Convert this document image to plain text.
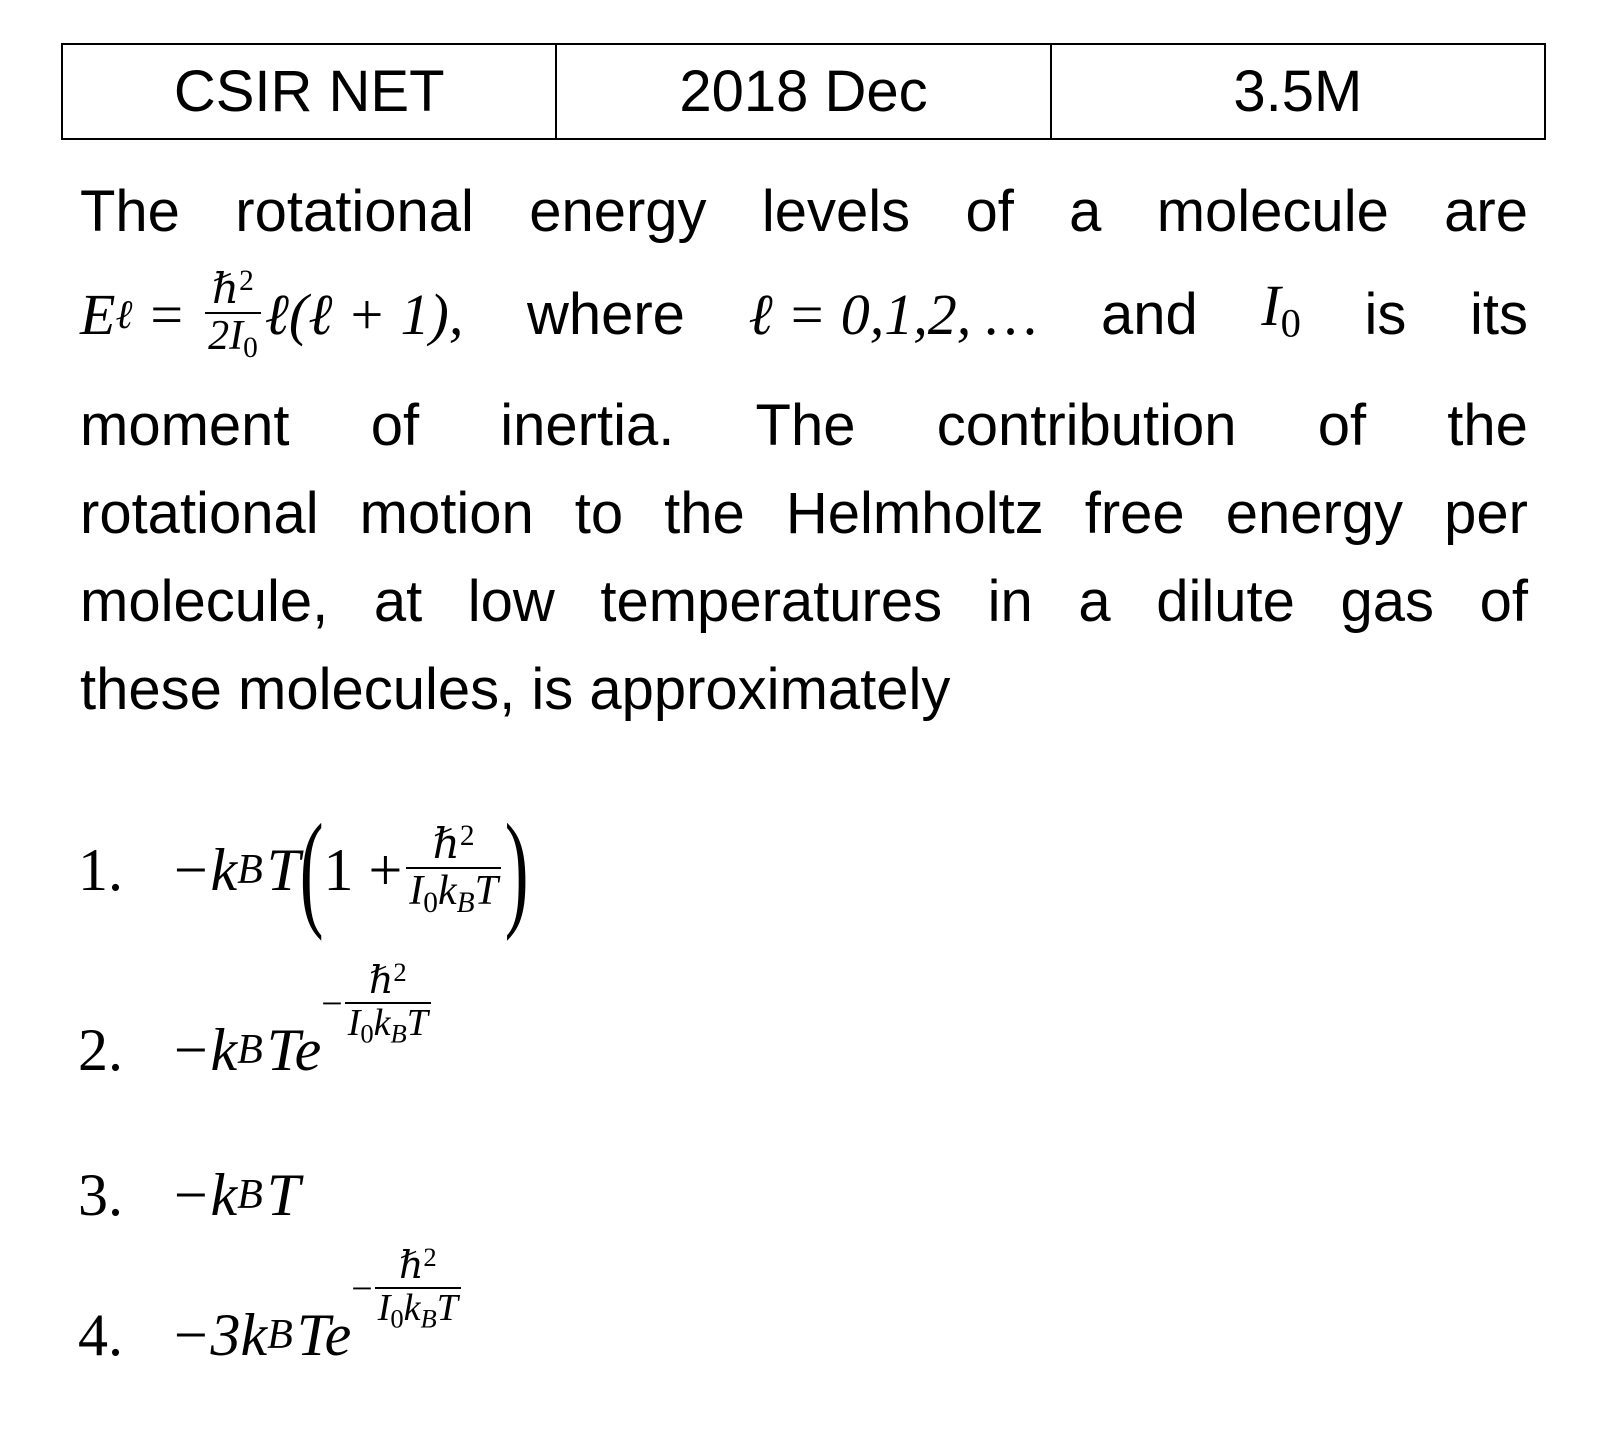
CSIR NET	2018 Dec	3.5M
The rotational energy levels of a molecule are
E ℓ = $\frac{\hbar^2}{2I_0}$ ℓ(ℓ + 1), where ℓ = 0,1,2, … and $I_0$ is its
moment of inertia. The contribution of the
rotational motion to the Helmholtz free energy per
molecule, at low temperatures in a dilute gas of
these molecules, is approximately
1. −k B T ( $1 + \frac{\hbar^2}{I_0k_BT}$ )
2. −k B Te
− $\frac{\hbar^2}{I_0k_BT}$
3. −k B T
4. −3k B Te
− $\frac{\hbar^2}{I_0k_BT}$
